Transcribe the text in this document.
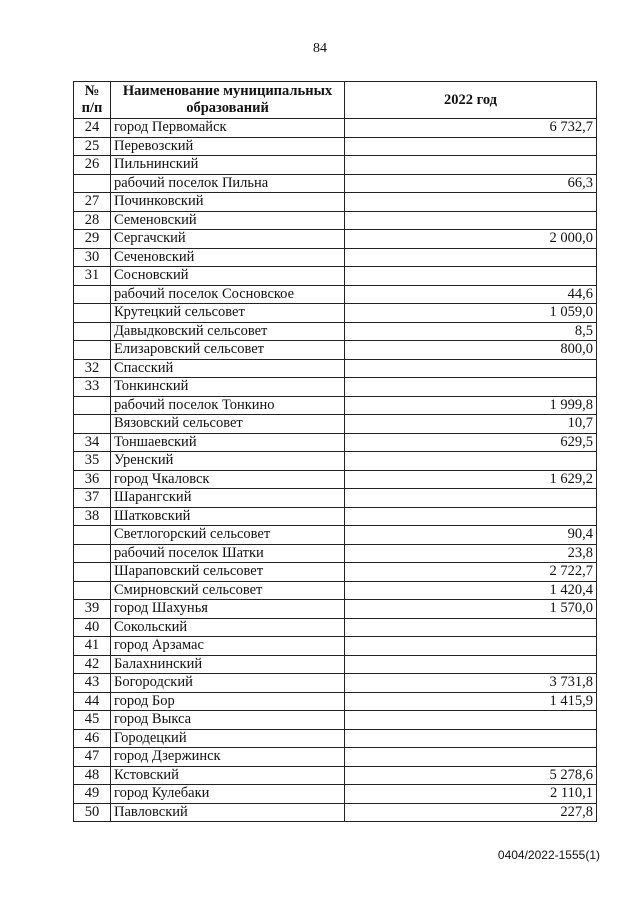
84
№ п/п	Наименование муниципальных образований	2022 год
24	город Первомайск	6 732,7
25	Перевозский	
26	Пильнинский	
	рабочий поселок Пильна	66,3
27	Починковский	
28	Семеновский	
29	Сергачский	2 000,0
30	Сеченовский	
31	Сосновский	
	рабочий поселок Сосновское	44,6
	Крутецкий сельсовет	1 059,0
	Давыдковский сельсовет	8,5
	Елизаровский сельсовет	800,0
32	Спасский	
33	Тонкинский	
	рабочий поселок Тонкино	1 999,8
	Вязовский сельсовет	10,7
34	Тоншаевский	629,5
35	Уренский	
36	город Чкаловск	1 629,2
37	Шарангский	
38	Шатковский	
	Светлогорский сельсовет	90,4
	рабочий поселок Шатки	23,8
	Шараповский сельсовет	2 722,7
	Смирновский сельсовет	1 420,4
39	город Шахунья	1 570,0
40	Сокольский	
41	город Арзамас	
42	Балахнинский	
43	Богородский	3 731,8
44	город Бор	1 415,9
45	город Выкса	
46	Городецкий	
47	город Дзержинск	
48	Кстовский	5 278,6
49	город Кулебаки	2 110,1
50	Павловский	227,8
0404/2022-1555(1)
